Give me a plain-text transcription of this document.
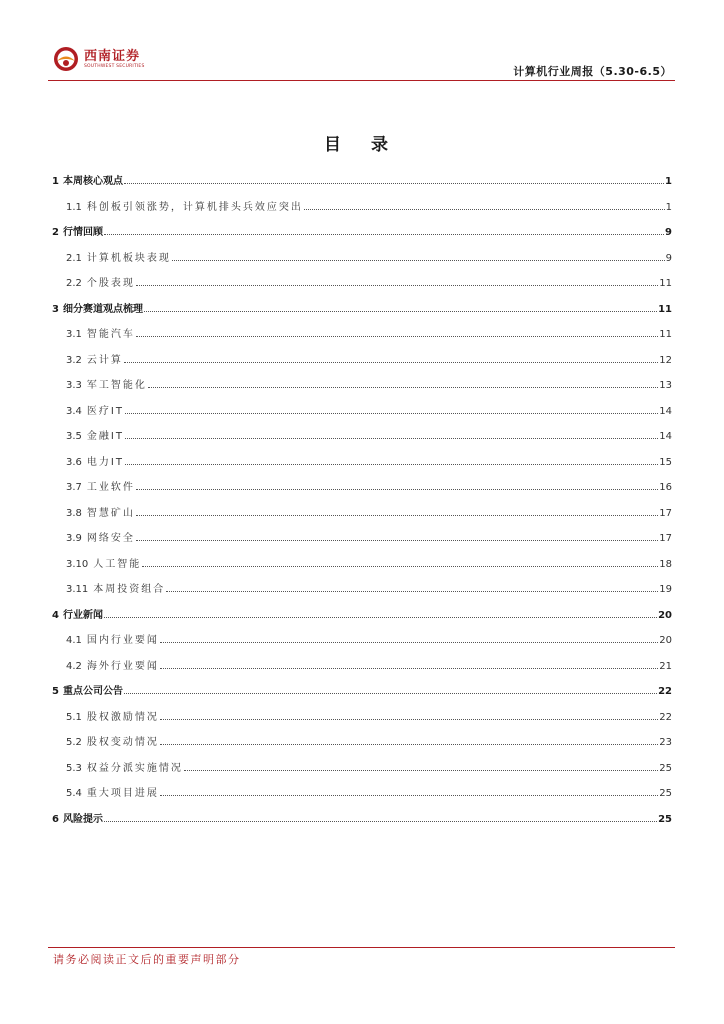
西南证券
SOUTHWEST SECURITIES	计算机行业周报（5.30-6.5）
目 录
1 本周核心观点	1
1.1 科创板引领涨势，计算机排头兵效应突出	1
2 行情回顾	9
2.1 计算机板块表现	9
2.2 个股表现	11
3 细分赛道观点梳理	11
3.1 智能汽车	11
3.2 云计算	12
3.3 军工智能化	13
3.4 医疗IT	14
3.5 金融IT	14
3.6 电力IT	15
3.7 工业软件	16
3.8 智慧矿山	17
3.9 网络安全	17
3.10 人工智能	18
3.11 本周投资组合	19
4 行业新闻	20
4.1 国内行业要闻	20
4.2 海外行业要闻	21
5 重点公司公告	22
5.1 股权激励情况	22
5.2 股权变动情况	23
5.3 权益分派实施情况	25
5.4 重大项目进展	25
6 风险提示	25
请务必阅读正文后的重要声明部分
